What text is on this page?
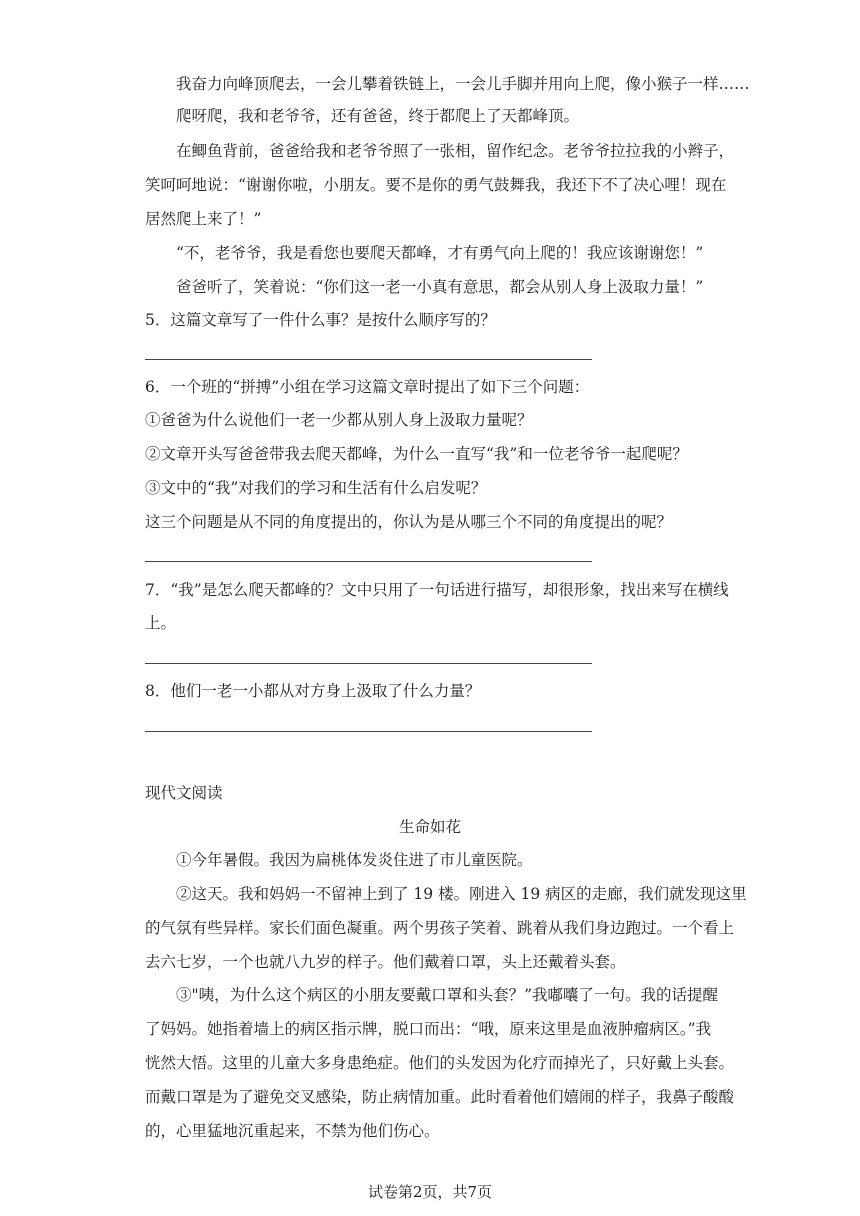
我奋力向峰顶爬去，一会儿攀着铁链上，一会儿手脚并用向上爬，像小猴子一样……
爬呀爬，我和老爷爷，还有爸爸，终于都爬上了天都峰顶。
在鲫鱼背前，爸爸给我和老爷爷照了一张相，留作纪念。老爷爷拉拉我的小辫子，
笑呵呵地说：“谢谢你啦，小朋友。要不是你的勇气鼓舞我，我还下不了决心哩！现在
居然爬上来了！”
“不，老爷爷，我是看您也要爬天都峰，才有勇气向上爬的！我应该谢谢您！”
爸爸听了，笑着说：“你们这一老一小真有意思，都会从别人身上汲取力量！”
5．这篇文章写了一件什么事？是按什么顺序写的？
6．一个班的“拼搏”小组在学习这篇文章时提出了如下三个问题：
①爸爸为什么说他们一老一少都从别人身上汲取力量呢？
②文章开头写爸爸带我去爬天都峰，为什么一直写“我”和一位老爷爷一起爬呢？
③文中的“我”对我们的学习和生活有什么启发呢？
这三个问题是从不同的角度提出的，你认为是从哪三个不同的角度提出的呢？
7．“我”是怎么爬天都峰的？文中只用了一句话进行描写，却很形象，找出来写在横线
上。
8．他们一老一小都从对方身上汲取了什么力量？
现代文阅读
生命如花
①今年暑假。我因为扁桃体发炎住进了市儿童医院。
②这天。我和妈妈一不留神上到了 19 楼。刚进入 19 病区的走廊，我们就发现这里
的气氛有些异样。家长们面色凝重。两个男孩子笑着、跳着从我们身边跑过。一个看上
去六七岁，一个也就八九岁的样子。他们戴着口罩，头上还戴着头套。
③"咦，为什么这个病区的小朋友要戴口罩和头套？”我嘟囔了一句。我的话提醒
了妈妈。她指着墙上的病区指示牌，脱口而出：“哦，原来这里是血液肿瘤病区。”我
恍然大悟。这里的儿童大多身患绝症。他们的头发因为化疗而掉光了，只好戴上头套。
而戴口罩是为了避免交叉感染，防止病情加重。此时看着他们嬉闹的样子，我鼻子酸酸
的，心里猛地沉重起来，不禁为他们伤心。
试卷第2页，共7页
